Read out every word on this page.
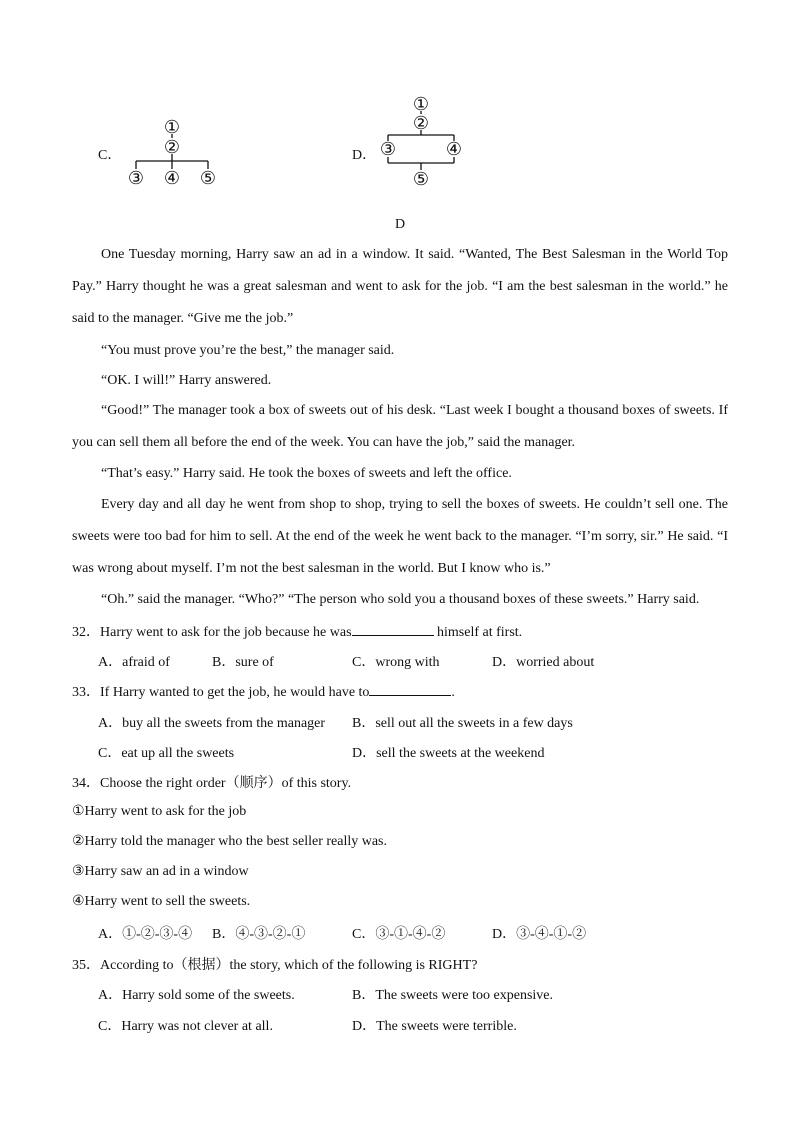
C．
①
②
③ ④ ⑤
D．
①
②
③	④
⑤
D
One Tuesday morning, Harry saw an ad in a window. It said. “Wanted, The Best Salesman in the World Top Pay.” Harry thought he was a great salesman and went to ask for the job. “I am the best salesman in the world.” he said to the manager. “Give me the job.”
“You must prove you’re the best,” the manager said.
“OK. I will!” Harry answered.
“Good!” The manager took a box of sweets out of his desk. “Last week I bought a thousand boxes of sweets. If you can sell them all before the end of the week. You can have the job,” said the manager.
“That’s easy.” Harry said. He took the boxes of sweets and left the office.
Every day and all day he went from shop to shop, trying to sell the boxes of sweets. He couldn’t sell one. The sweets were too bad for him to sell. At the end of the week he went back to the manager. “I’m sorry, sir.” He said. “I was wrong about myself. I’m not the best salesman in the world. But I know who is.”
“Oh.” said the manager. “Who?” “The person who sold you a thousand boxes of these sweets.” Harry said.
32．Harry went to ask for the job because he was	himself at first.
A．afraid of	B．sure of	C．wrong with	D．worried about
33．If Harry wanted to get the job, he would have to	.
A．buy all the sweets from the manager B．sell out all the sweets in a few days
C．eat up all the sweets	D．sell the sweets at the weekend
34．Choose the right order（顺序）of this story.
①Harry went to ask for the job
②Harry told the manager who the best seller really was.
③Harry saw an ad in a window
④Harry went to sell the sweets.
A．①-②-③-④ B．④-③-②-①	C．③-①-④-②	D．③-④-①-②
35．According to（根据）the story, which of the following is RIGHT?
A．Harry sold some of the sweets.	B．The sweets were too expensive.
C．Harry was not clever at all.	D．The sweets were terrible.
